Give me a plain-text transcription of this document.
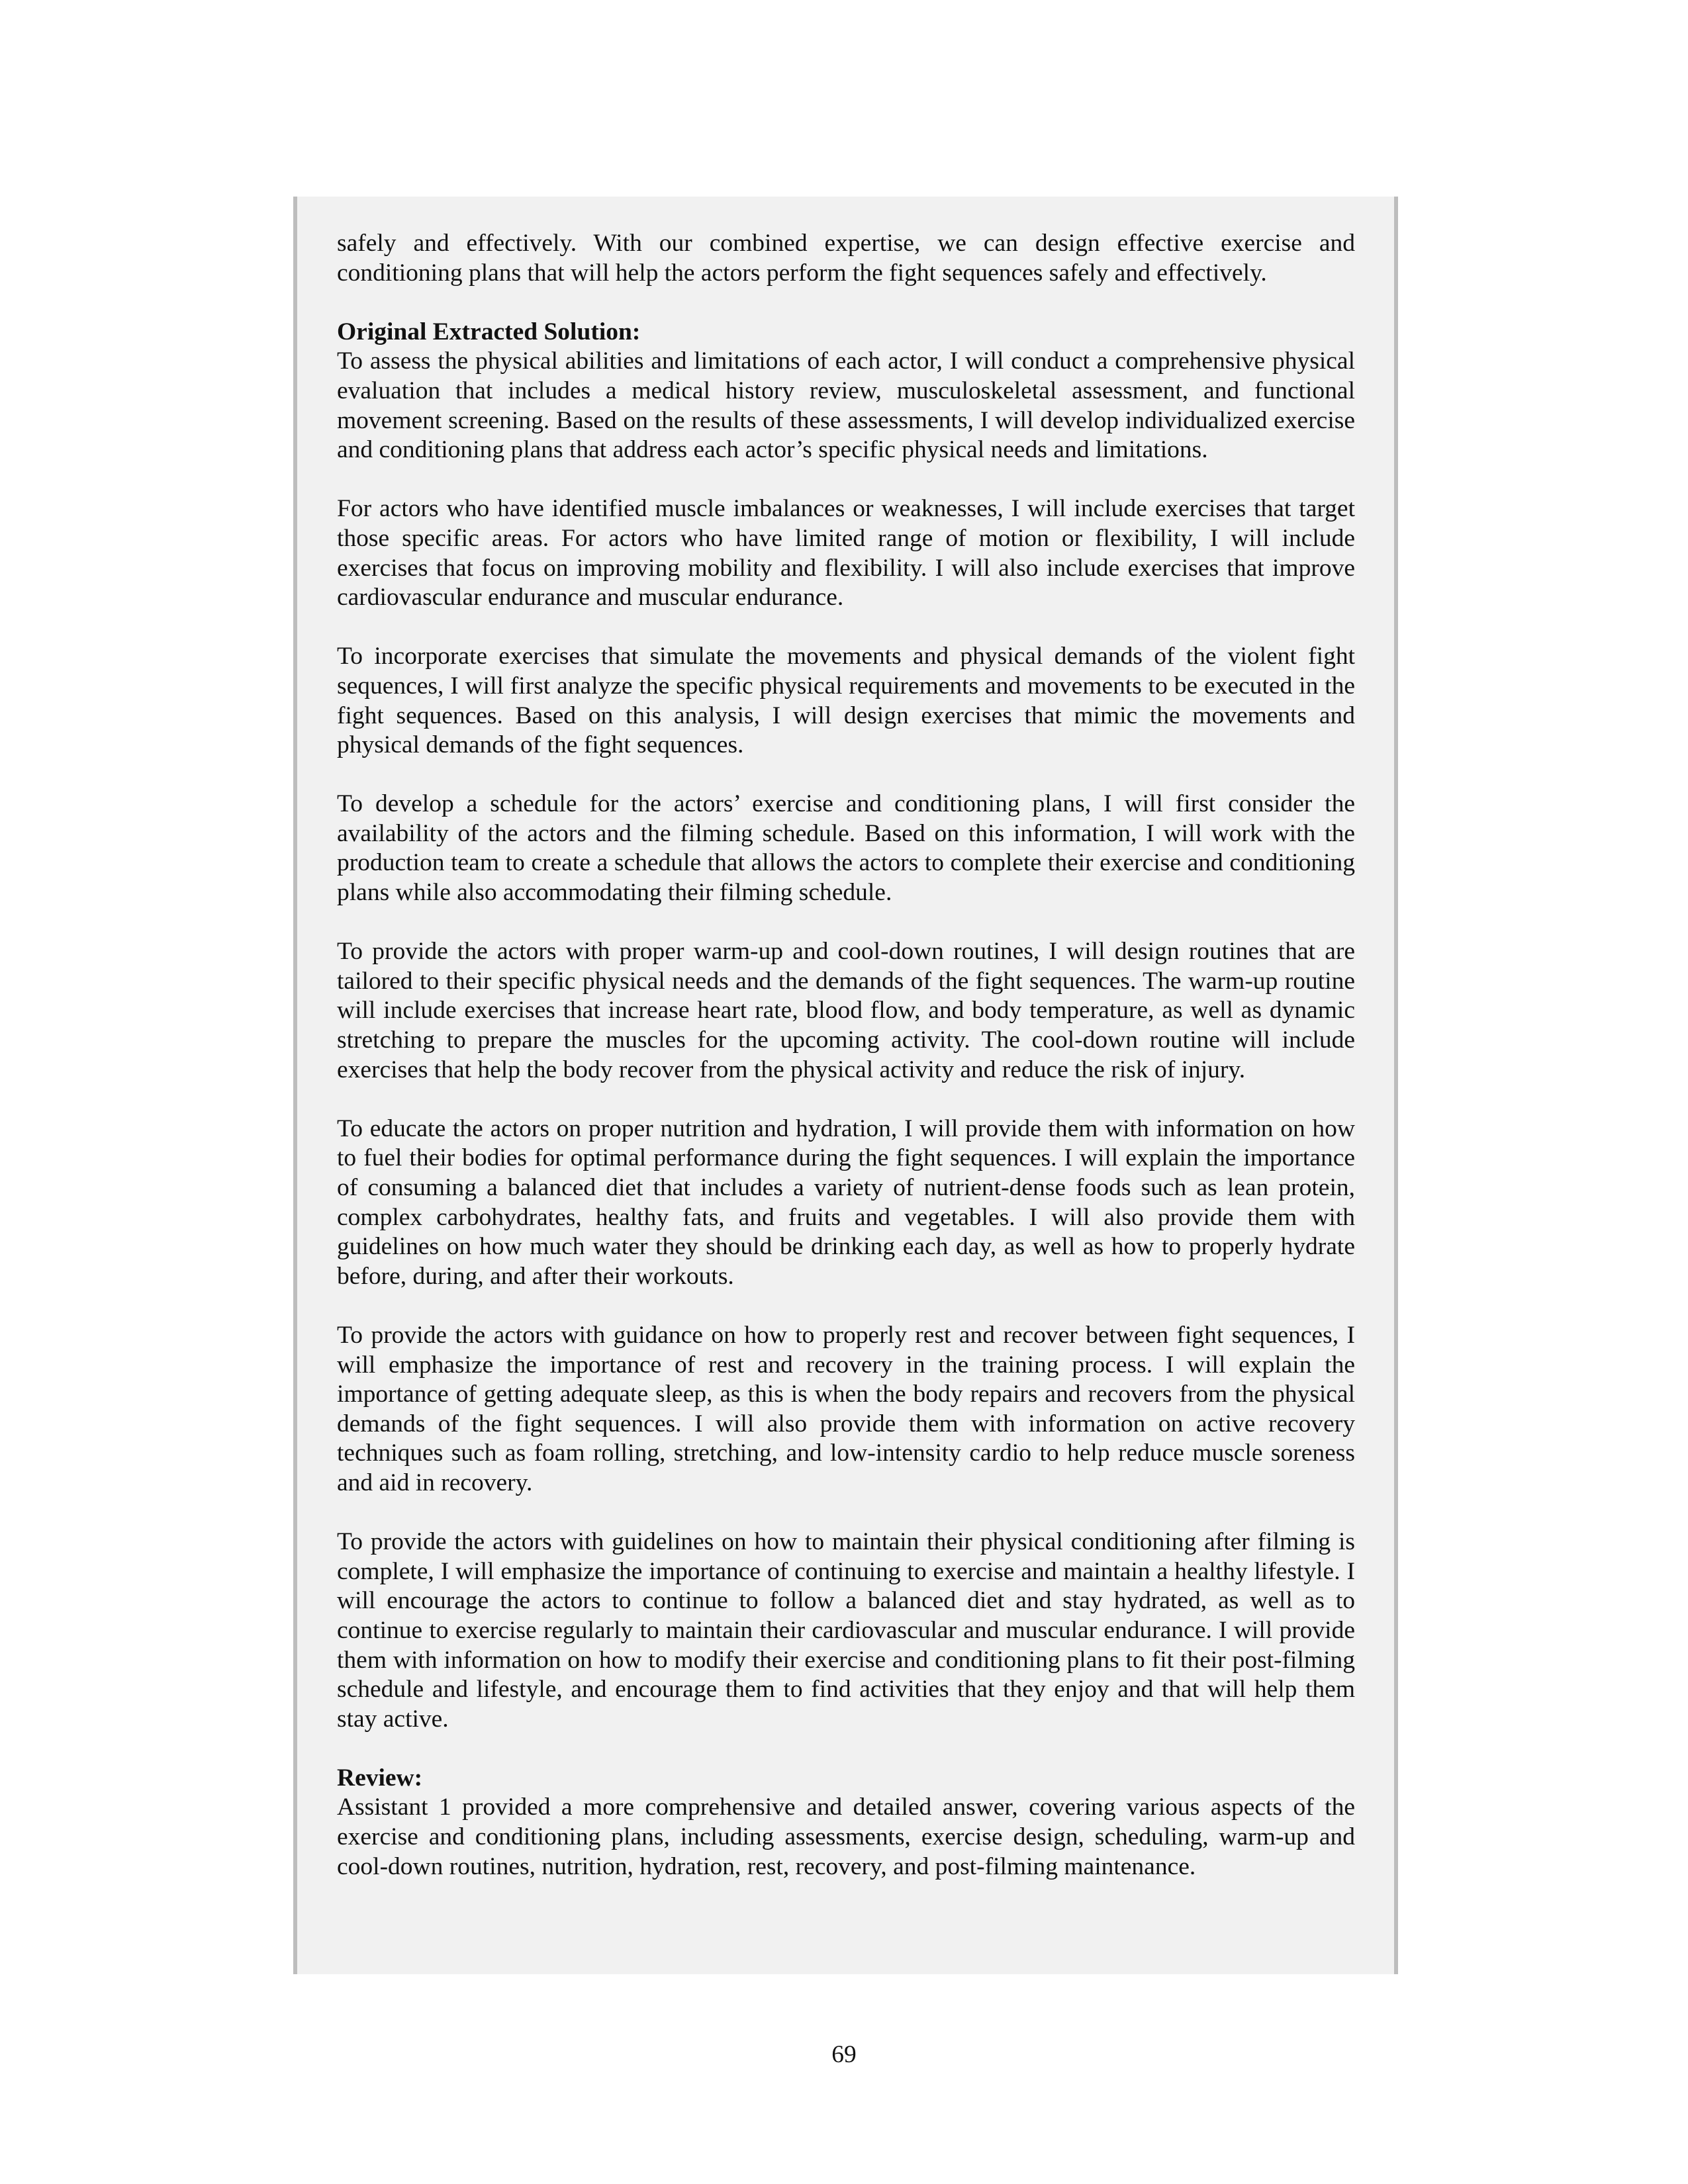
safely and effectively. With our combined expertise, we can design effective exercise and conditioning plans that will help the actors perform the fight sequences safely and effectively.

Original Extracted Solution:

To assess the physical abilities and limitations of each actor, I will conduct a comprehensive physical evaluation that includes a medical history review, musculoskeletal assessment, and functional movement screening. Based on the results of these assessments, I will develop individualized exercise and conditioning plans that address each actor’s specific physical needs and limitations.

For actors who have identified muscle imbalances or weaknesses, I will include exercises that target those specific areas. For actors who have limited range of motion or flexibility, I will include exercises that focus on improving mobility and flexibility. I will also include exercises that improve cardiovascular endurance and muscular endurance.

To incorporate exercises that simulate the movements and physical demands of the violent fight sequences, I will first analyze the specific physical requirements and movements to be executed in the fight sequences. Based on this analysis, I will design exercises that mimic the movements and physical demands of the fight sequences.

To develop a schedule for the actors’ exercise and conditioning plans, I will first consider the availability of the actors and the filming schedule. Based on this information, I will work with the production team to create a schedule that allows the actors to complete their exercise and conditioning plans while also accommodating their filming schedule.

To provide the actors with proper warm-up and cool-down routines, I will design routines that are tailored to their specific physical needs and the demands of the fight sequences. The warm-up routine will include exercises that increase heart rate, blood flow, and body temperature, as well as dynamic stretching to prepare the muscles for the upcoming activity. The cool-down routine will include exercises that help the body recover from the physical activity and reduce the risk of injury.

To educate the actors on proper nutrition and hydration, I will provide them with information on how to fuel their bodies for optimal performance during the fight sequences. I will explain the importance of consuming a balanced diet that includes a variety of nutrient-dense foods such as lean protein, complex carbohydrates, healthy fats, and fruits and vegetables. I will also provide them with guidelines on how much water they should be drinking each day, as well as how to properly hydrate before, during, and after their workouts.

To provide the actors with guidance on how to properly rest and recover between fight sequences, I will emphasize the importance of rest and recovery in the training process. I will explain the importance of getting adequate sleep, as this is when the body repairs and recovers from the physical demands of the fight sequences. I will also provide them with information on active recovery techniques such as foam rolling, stretching, and low-intensity cardio to help reduce muscle soreness and aid in recovery.

To provide the actors with guidelines on how to maintain their physical conditioning after filming is complete, I will emphasize the importance of continuing to exercise and maintain a healthy lifestyle. I will encourage the actors to continue to follow a balanced diet and stay hydrated, as well as to continue to exercise regularly to maintain their cardiovascular and muscular endurance. I will provide them with information on how to modify their exercise and conditioning plans to fit their post-filming schedule and lifestyle, and encourage them to find activities that they enjoy and that will help them stay active.

Review:

Assistant 1 provided a more comprehensive and detailed answer, covering various aspects of the exercise and conditioning plans, including assessments, exercise design, scheduling, warm-up and cool-down routines, nutrition, hydration, rest, recovery, and post-filming maintenance.

69
